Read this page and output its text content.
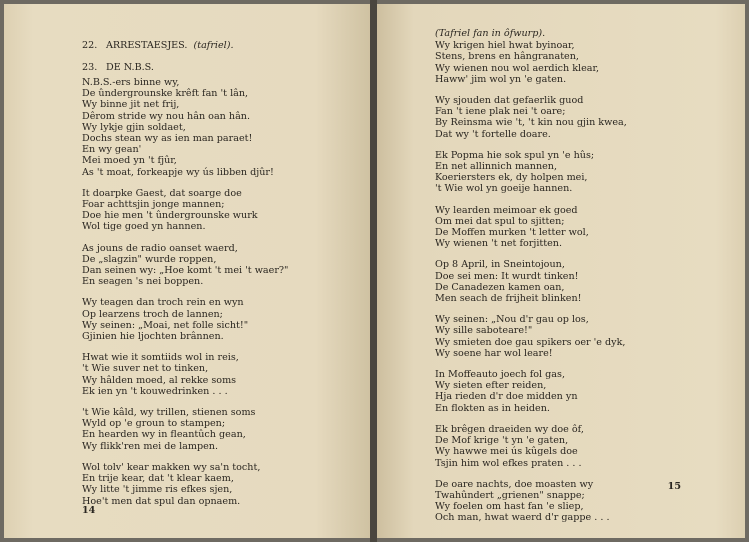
22. ARRESTAESJES. (tafriel).
23. DE N.B.S.
N.B.S.-ers binne wy,
De ûndergrounske krêft fan 't lân,
Wy binne jit net frij,
Dêrom stride wy nou hân oan hân.
Wy lykje gjin soldaet,
Dochs stean wy as ien man paraet!
En wy gean'
Mei moed yn 't fjûr,
As 't moat, forkeapje wy ús libben djûr!
It doarpke Gaest, dat soarge doe
Foar achttsjin jonge mannen;
Doe hie men 't ûndergrounske wurk
Wol tige goed yn hannen.
As jouns de radio oanset waerd,
De „slagzin" wurde roppen,
Dan seinen wy: „Hoe komt 't mei 't waer?"
En seagen 's nei boppen.
Wy teagen dan troch rein en wyn
Op learzens troch de lannen;
Wy seinen: „Moai, net folle sicht!"
Gjinien hie ljochten brânnen.
Hwat wie it somtiids wol in reis,
't Wie suver net to tinken,
Wy hâlden moed, al rekke soms
Ek ien yn 't kouwedrinken . . .
't Wie kâld, wy trillen, stienen soms
Wyld op 'e groun to stampen;
En hearden wy in fleantûch gean,
Wy flikk'ren mei de lampen.
Wol tolv' kear makken wy sa'n tocht,
En trije kear, dat 't klear kaem,
Wy litte 't jimme ris efkes sjen,
Hoe't men dat spul dan opnaem.
14
(Tafriel fan in ôfwurp).
Wy krigen hiel hwat byinoar,
Stens, brens en hângranaten,
Wy wienen nou wol aerdich klear,
Haww' jim wol yn 'e gaten.
Wy sjouden dat gefaerlik guod
Fan 't iene plak nei 't oare;
By Reinsma wie 't, 't kin nou gjin kwea,
Dat wy 't fortelle doare.
Ek Popma hie sok spul yn 'e hûs;
En net allinnich mannen,
Koeriersters ek, dy holpen mei,
't Wie wol yn goeije hannen.
Wy learden meimoar ek goed
Om mei dat spul to sjitten;
De Moffen murken 't letter wol,
Wy wienen 't net forjitten.
Op 8 April, in Sneintojoun,
Doe sei men: It wurdt tinken!
De Canadezen kamen oan,
Men seach de frijheit blinken!
Wy seinen: „Nou d'r gau op los,
Wy sille saboteare!"
Wy smieten doe gau spikers oer 'e dyk,
Wy soene har wol leare!
In Moffeauto joech fol gas,
Wy sieten efter reiden,
Hja rieden d'r doe midden yn
En flokten as in heiden.
Ek brêgen draeiden wy doe ôf,
De Mof krige 't yn 'e gaten,
Wy hawwe mei ús kûgels doe
Tsjin him wol efkes praten . . .
De oare nachts, doe moasten wy
Twahûndert „grienen" snappe;
Wy foelen om hast fan 'e sliep,
Och man, hwat waerd d'r gappe . . .
15
